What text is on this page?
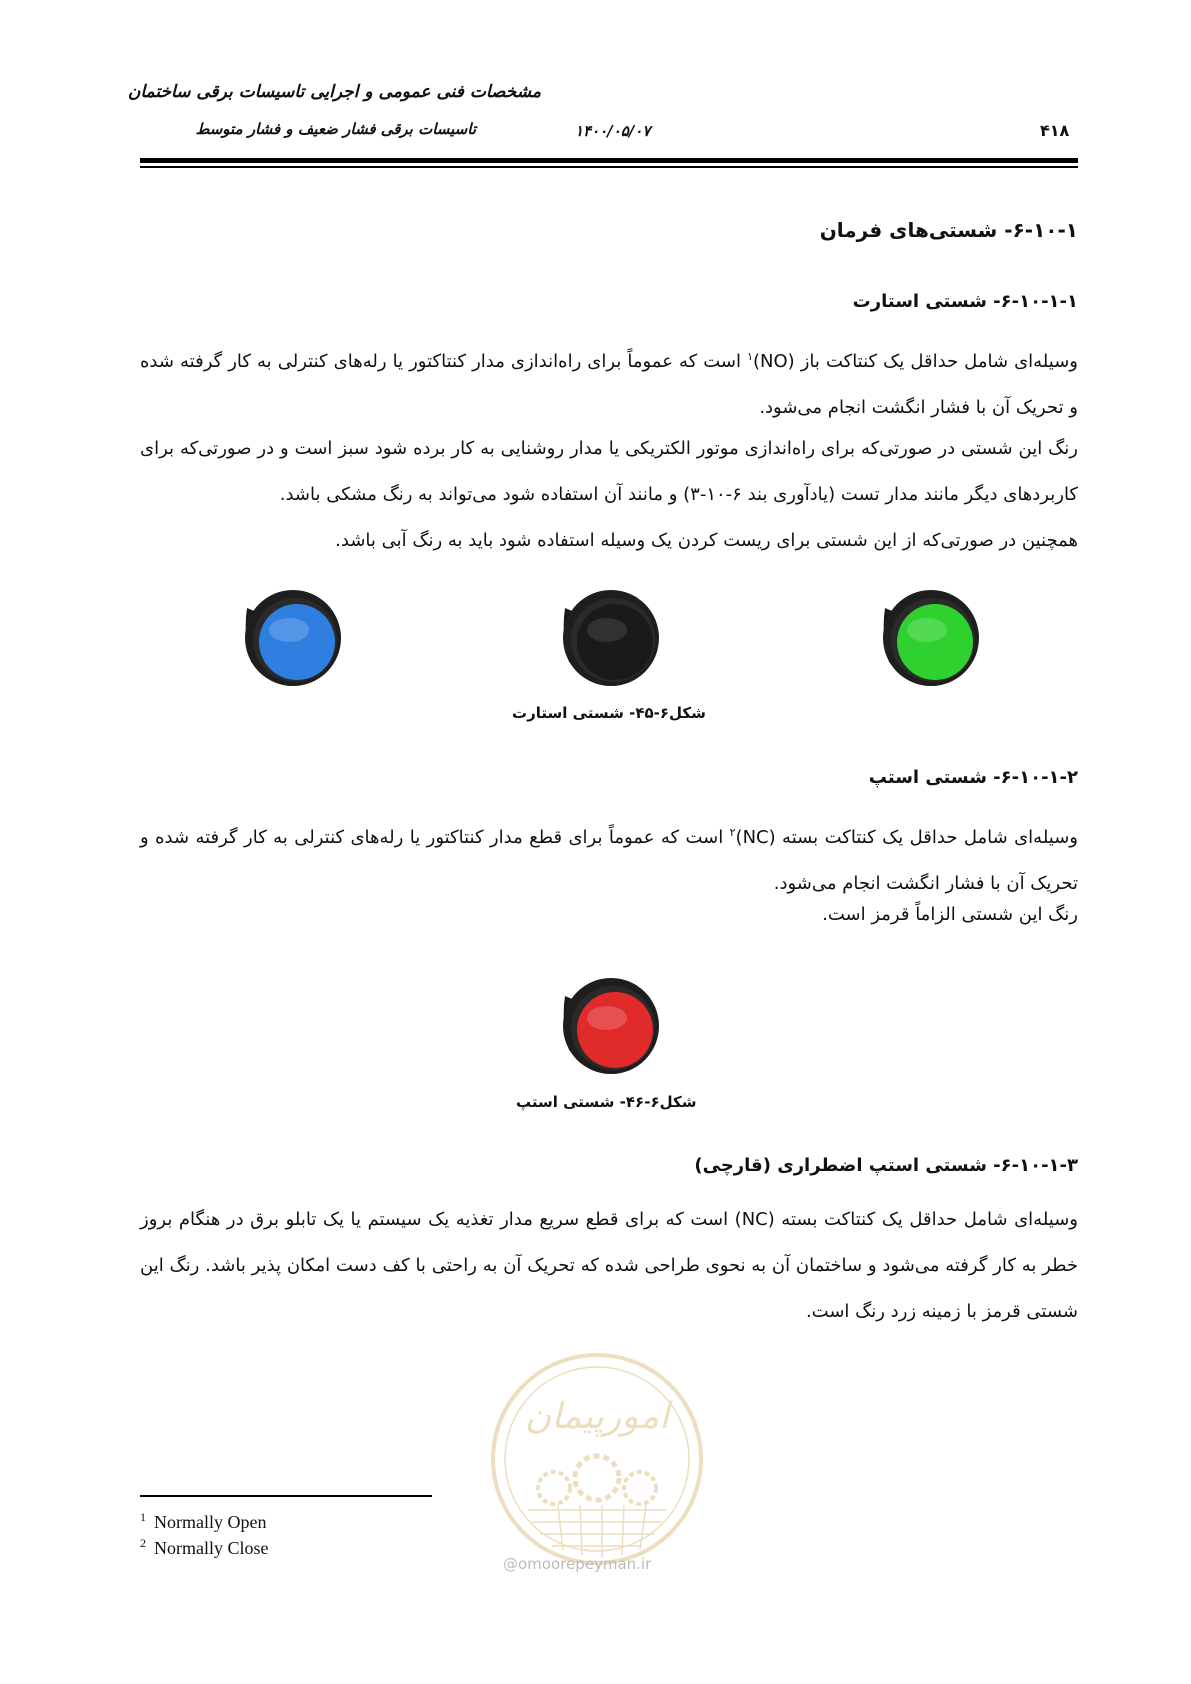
مشخصات فنی عمومی و اجرایی تاسیسات برقی ساختمان
تاسیسات برقی فشار ضعیف و فشار متوسط	۱۴۰۰/۰۵/۰۷	۴۱۸
۶-۱۰-۱- شستی‌های فرمان
۶-۱۰-۱-۱- شستی استارت
وسیله‌ای شامل حداقل یک کنتاکت باز (NO)$^۱$ است که عموماً برای راه‌اندازی مدار کنتاکتور یا رله‌های کنترلی به کار گرفته شده و تحریک آن با فشار انگشت انجام می‌شود.
رنگ این شستی در صورتی‌که برای راه‌اندازی موتور الکتریکی یا مدار روشنایی به کار برده شود سبز است و در صورتی‌که برای کاربردهای دیگر مانند مدار تست (یادآوری بند ۶-۱۰-۳) و مانند آن استفاده شود می‌تواند به رنگ مشکی باشد.
همچنین در صورتی‌که از این شستی برای ریست کردن یک وسیله استفاده شود باید به رنگ آبی باشد.
شکل۶-۴۵- شستی استارت
۶-۱۰-۱-۲- شستی استپ
وسیله‌ای شامل حداقل یک کنتاکت بسته (NC)$^۲$ است که عموماً برای قطع مدار کنتاکتور یا رله‌های کنترلی به کار گرفته شده و تحریک آن با فشار انگشت انجام می‌شود.
رنگ این شستی الزاماً قرمز است.
شکل۶-۴۶- شستی استپ
۶-۱۰-۱-۳- شستی استپ اضطراری (قارچی)
وسیله‌ای شامل حداقل یک کنتاکت بسته (NC) است که برای قطع سریع مدار تغذیه یک سیستم یا یک تابلو برق در هنگام بروز خطر به کار گرفته می‌شود و ساختمان آن به نحوی طراحی شده که تحریک آن به راحتی با کف دست امکان پذیر باشد. رنگ این شستی قرمز با زمینه زرد رنگ است.
امورپیمان
@omoorepeyman.ir
$^1$ Normally Open
$^2$ Normally Close
